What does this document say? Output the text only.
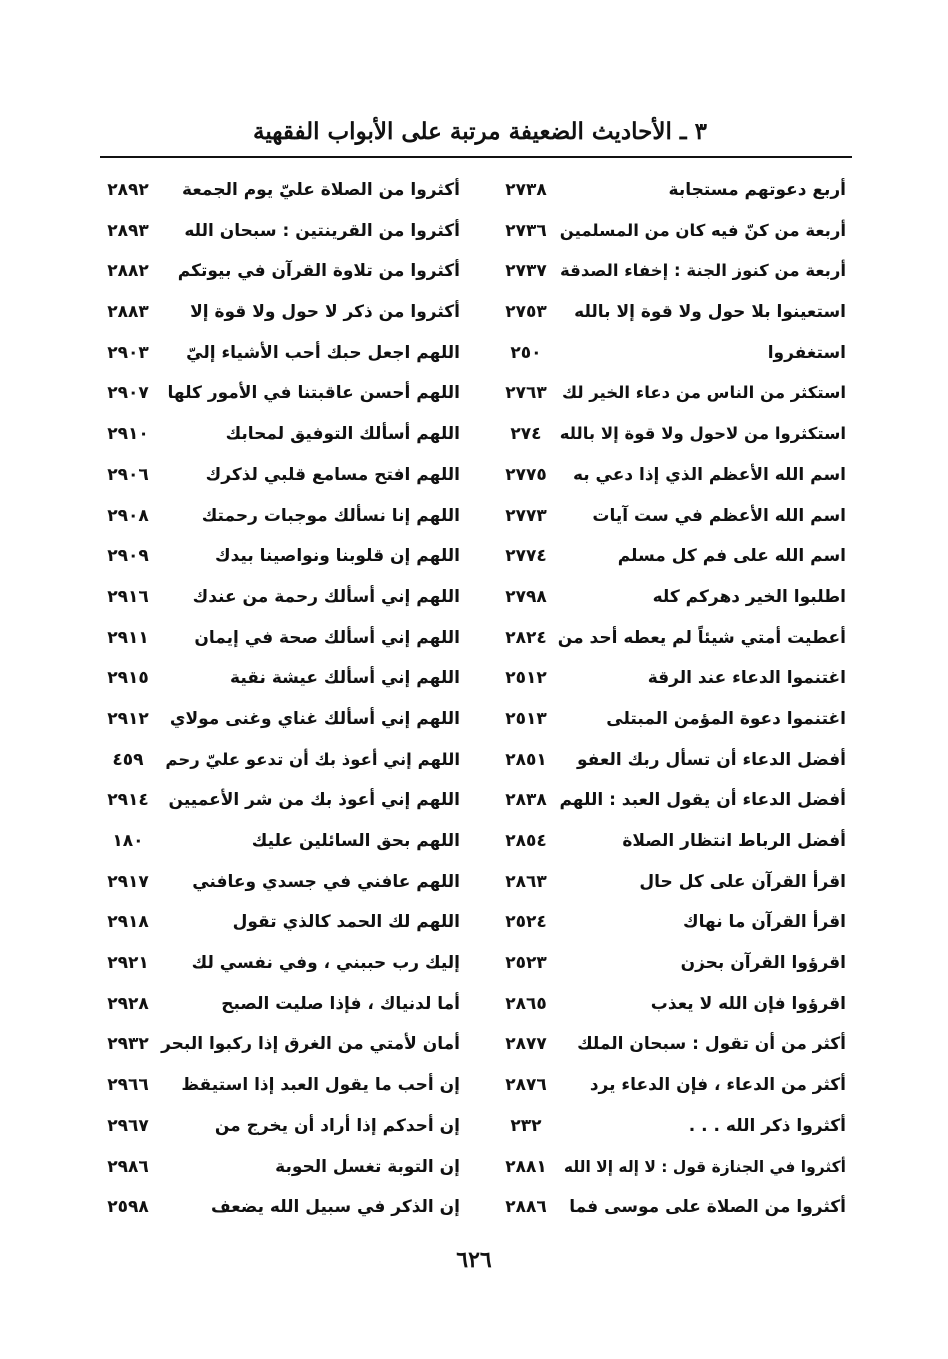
٣ ـ الأحاديث الضعيفة مرتبة على الأبواب الفقهية
أربع دعوتهم مستجابة
٢٧٣٨
أكثروا من الصلاة عليّ يوم الجمعة
٢٨٩٢
أربعة من كنّ فيه كان من المسلمين
٢٧٣٦
أكثروا من القرينتين : سبحان الله
٢٨٩٣
أربعة من كنوز الجنة : إخفاء الصدقة
٢٧٣٧
أكثروا من تلاوة القرآن في بيوتكم
٢٨٨٢
استعينوا بلا حول ولا قوة إلا بالله
٢٧٥٣
أكثروا من ذكر لا حول ولا قوة إلا
٢٨٨٣
استغفروا
٢٥٠
اللهم اجعل حبك أحب الأشياء إليّ
٢٩٠٣
استكثر من الناس من دعاء الخير لك
٢٧٦٣
اللهم أحسن عاقبتنا في الأمور كلها
٢٩٠٧
استكثروا من لاحول ولا قوة إلا بالله
٢٧٤
اللهم أسألك التوفيق لمحابك
٢٩١٠
اسم الله الأعظم الذي إذا دعي به
٢٧٧٥
اللهم افتح مسامع قلبي لذكرك
٢٩٠٦
اسم الله الأعظم في ست آيات
٢٧٧٣
اللهم إنا نسألك موجبات رحمتك
٢٩٠٨
اسم الله على فم كل مسلم
٢٧٧٤
اللهم إن قلوبنا ونواصينا بيدك
٢٩٠٩
اطلبوا الخير دهركم كله
٢٧٩٨
اللهم إني أسألك رحمة من عندك
٢٩١٦
أعطيت أمتي شيئاً لم يعطه أحد من
٢٨٢٤
اللهم إني أسألك صحة في إيمان
٢٩١١
اغتنموا الدعاء عند الرقة
٢٥١٢
اللهم إني أسألك عيشة نقية
٢٩١٥
اغتنموا دعوة المؤمن المبتلى
٢٥١٣
اللهم إني أسألك غناي وغنى مولاي
٢٩١٢
أفضل الدعاء أن تسأل ربك العفو
٢٨٥١
اللهم إني أعوذ بك أن تدعو عليّ رحم
٤٥٩
أفضل الدعاء أن يقول العبد : اللهم
٢٨٣٨
اللهم إني أعوذ بك من شر الأعميين
٢٩١٤
أفضل الرباط انتظار الصلاة
٢٨٥٤
اللهم بحق السائلين عليك
١٨٠
اقرأ القرآن على كل حال
٢٨٦٣
اللهم عافني في جسدي وعافني
٢٩١٧
اقرأ القرآن ما نهاك
٢٥٢٤
اللهم لك الحمد كالذي تقول
٢٩١٨
اقرؤوا القرآن بحزن
٢٥٢٣
إليك رب حببني ، وفي نفسي لك
٢٩٢١
اقرؤوا فإن الله لا يعذب
٢٨٦٥
أما لدنياك ، فإذا صليت الصبح
٢٩٢٨
أكثر من أن تقول : سبحان الملك
٢٨٧٧
أمان لأمتي من الغرق إذا ركبوا البحر
٢٩٣٢
أكثر من الدعاء ، فإن الدعاء يرد
٢٨٧٦
إن أحب ما يقول العبد إذا استيقظ
٢٩٦٦
أكثروا ذكر الله . . .
٢٣٢
إن أحدكم إذا أراد أن يخرج من
٢٩٦٧
أكثروا في الجنازة قول : لا إله إلا الله
٢٨٨١
إن التوبة تغسل الحوبة
٢٩٨٦
أكثروا من الصلاة على موسى فما
٢٨٨٦
إن الذكر في سبيل الله يضعف
٢٥٩٨
٦٢٦
